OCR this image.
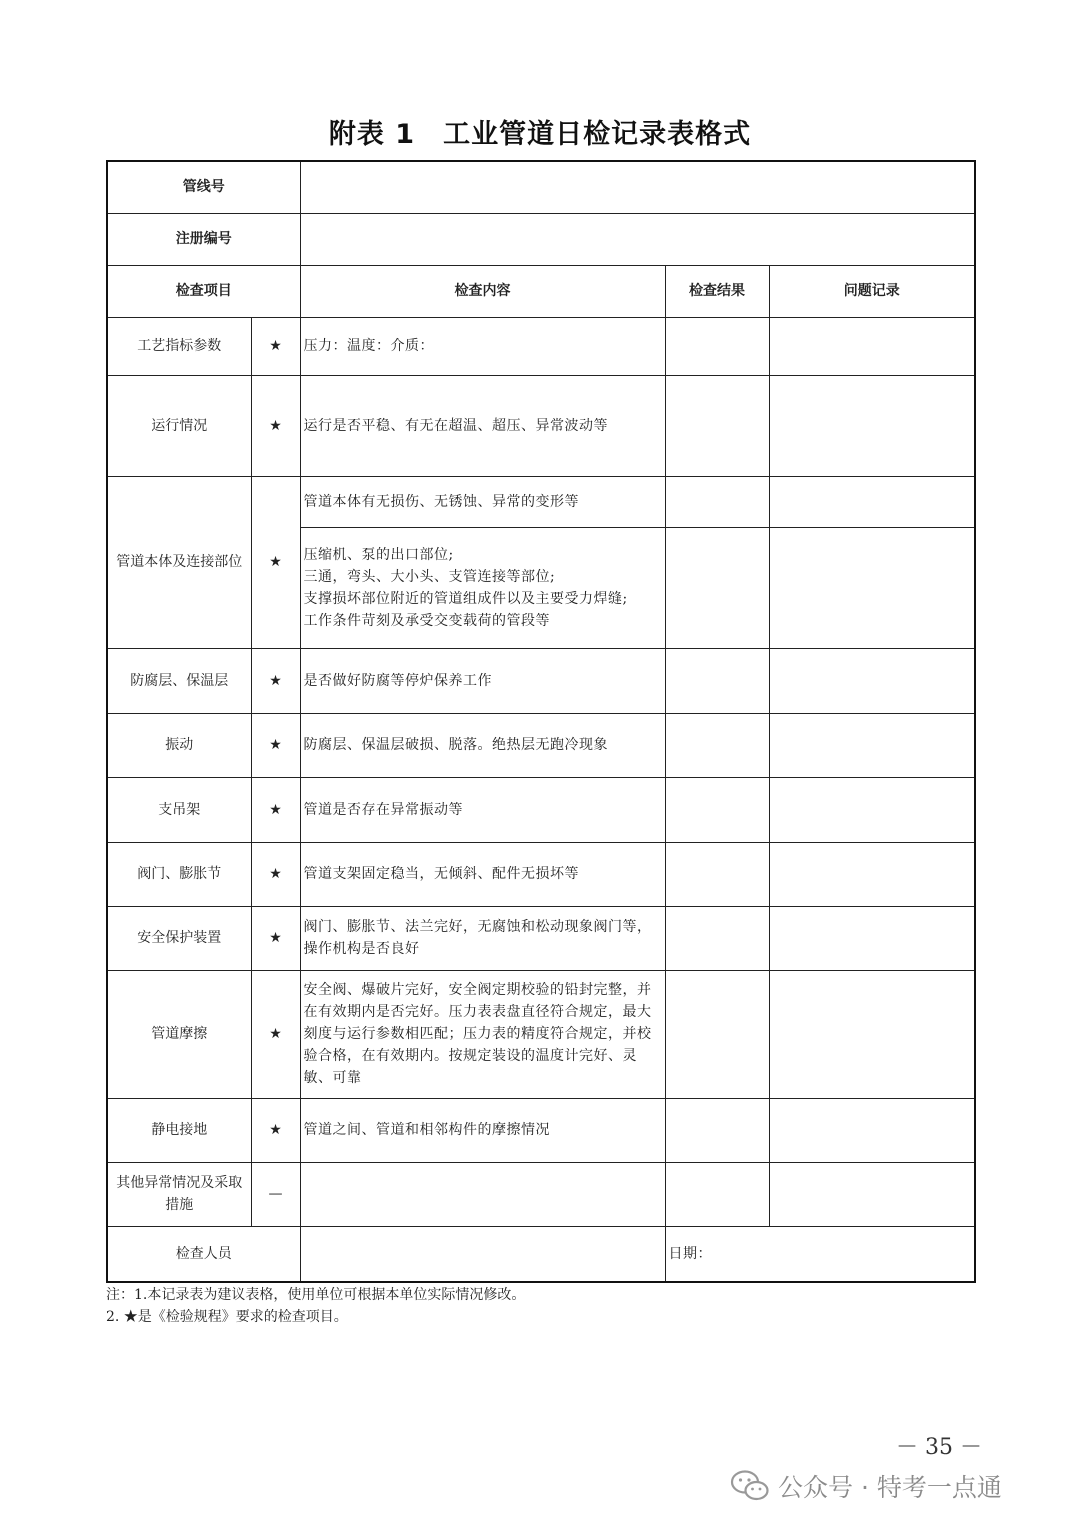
附表 1　工业管道日检记录表格式
管线号				
注册编号				
检查项目		检查内容	检查结果	问题记录
工艺指标参数	★	压力：温度：介质：		
运行情况	★	运行是否平稳、有无在超温、超压、异常波动等		
管道本体及连接部位	★	管道本体有无损伤、无锈蚀、异常的变形等		
		压缩机、泵的出口部位;
三通，弯头、大小头、支管连接等部位;
支撑损坏部位附近的管道组成件以及主要受力焊缝;
工作条件苛刻及承受交变载荷的管段等		
防腐层、保温层	★	是否做好防腐等停炉保养工作		
振动	★	防腐层、保温层破损、脱落。绝热层无跑冷现象		
支吊架	★	管道是否存在异常振动等		
阀门、膨胀节	★	管道支架固定稳当，无倾斜、配件无损坏等		
安全保护装置	★	阀门、膨胀节、法兰完好，无腐蚀和松动现象阀门等，操作机构是否良好		
管道摩擦	★	安全阀、爆破片完好，安全阀定期校验的铅封完整，并在有效期内是否完好。压力表表盘直径符合规定，最大刻度与运行参数相匹配；压力表的精度符合规定，并校验合格，在有效期内。按规定装设的温度计完好、灵敏、可靠		
静电接地	★	管道之间、管道和相邻构件的摩擦情况		
其他异常情况及采取措施	—			
检查人员			日期：	
注：1.本记录表为建议表格，使用单位可根据本单位实际情况修改。
2. ★是《检验规程》要求的检查项目。
－ 35 －
公众号 · 特考一点通
